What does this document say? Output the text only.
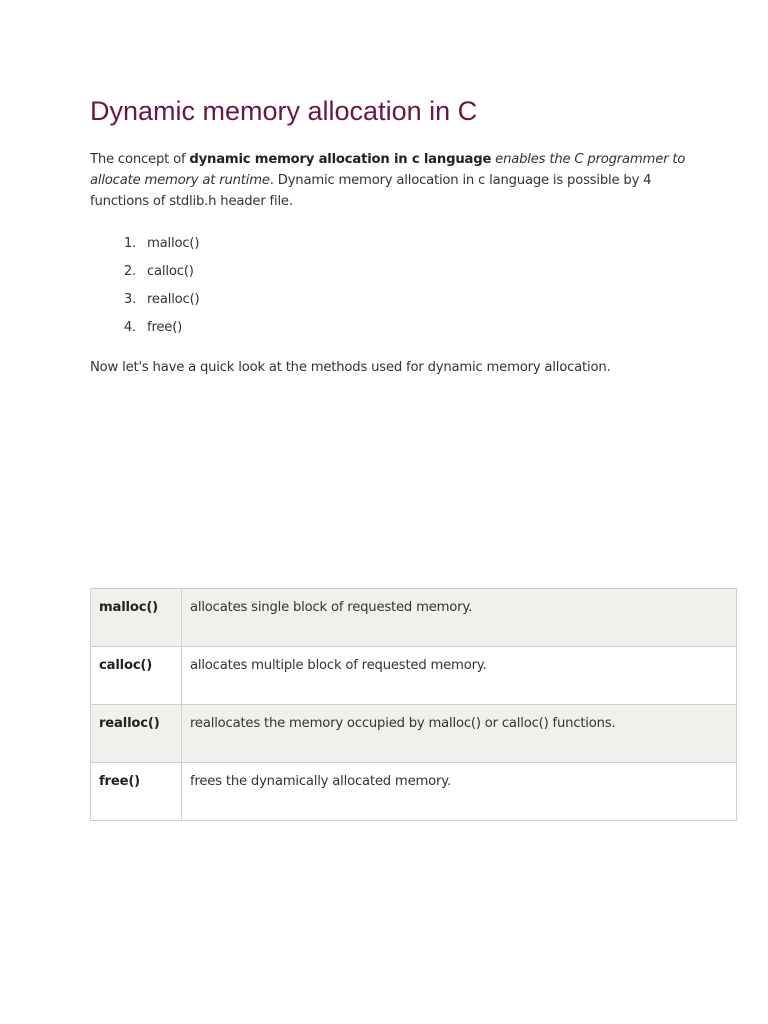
Dynamic memory allocation in C

The concept of dynamic memory allocation in c language enables the C programmer to allocate memory at runtime. Dynamic memory allocation in c language is possible by 4 functions of stdlib.h header file.

1. malloc()
2. calloc()
3. realloc()
4. free()

Now let's have a quick look at the methods used for dynamic memory allocation.

malloc()	allocates single block of requested memory.
calloc()	allocates multiple block of requested memory.
realloc()	reallocates the memory occupied by malloc() or calloc() functions.
free()	frees the dynamically allocated memory.
